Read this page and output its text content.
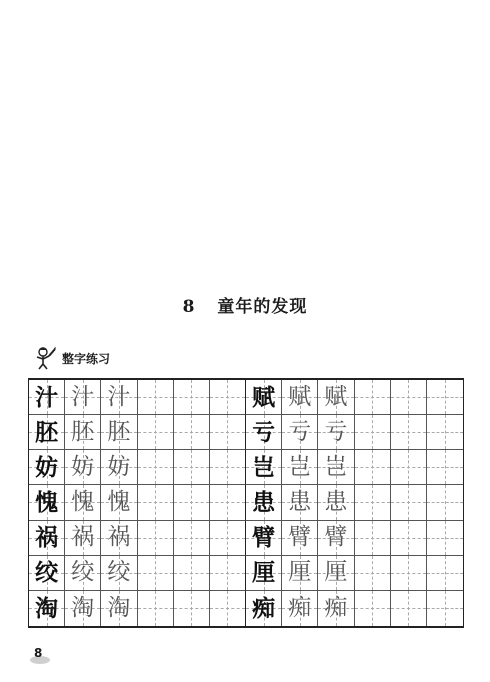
8 童年的发现
整字练习
汁 汁 汁	赋 赋 赋
胚 胚 胚	亏 亏 亏
妨 妨 妨	岂 岂 岂
愧 愧 愧	患 患 患
祸 祸 祸	臂 臂 臂
绞 绞 绞	厘 厘 厘
淘 淘 淘	痴 痴 痴
8
